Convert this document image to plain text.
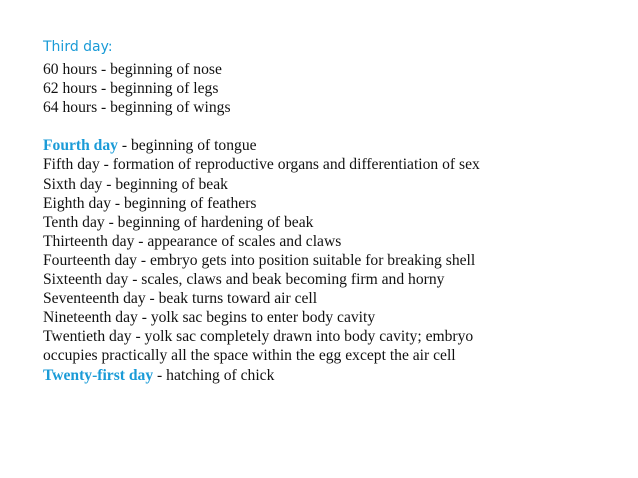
Third day:
60 hours - beginning of nose
62 hours - beginning of legs
64 hours - beginning of wings
Fourth day - beginning of tongue
Fifth day - formation of reproductive organs and differentiation of sex
Sixth day - beginning of beak
Eighth day - beginning of feathers
Tenth day - beginning of hardening of beak
Thirteenth day - appearance of scales and claws
Fourteenth day - embryo gets into position suitable for breaking shell
Sixteenth day - scales, claws and beak becoming firm and horny
Seventeenth day - beak turns toward air cell
Nineteenth day - yolk sac begins to enter body cavity
Twentieth day - yolk sac completely drawn into body cavity; embryo
occupies practically all the space within the egg except the air cell
Twenty-first day - hatching of chick
